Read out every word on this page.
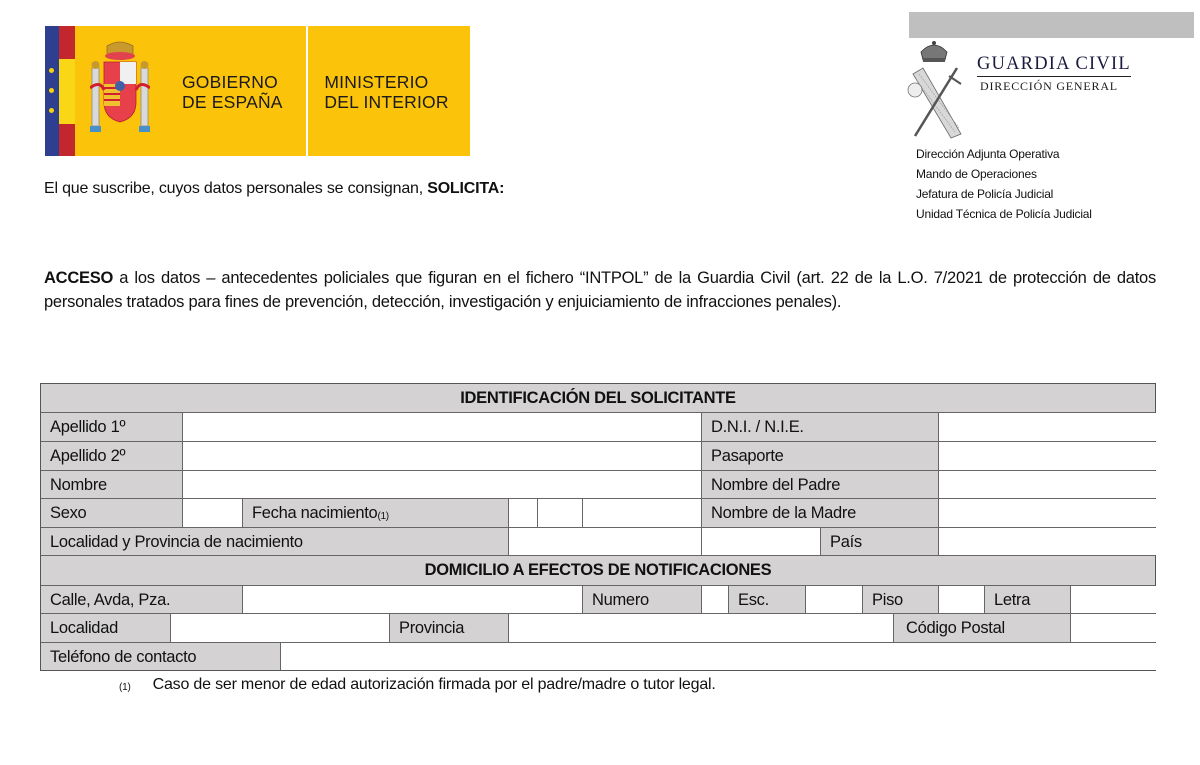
GOBIERNO
DE ESPAÑA
MINISTERIO
DEL INTERIOR
GUARDIA CIVIL
DIRECCIÓN GENERAL
Dirección Adjunta Operativa
Mando de Operaciones
Jefatura de Policía Judicial
Unidad Técnica de Policía Judicial
El que suscribe, cuyos datos personales se consignan, SOLICITA:
ACCESO a los datos – antecedentes policiales que figuran en el fichero “INTPOL” de la Guardia Civil (art. 22 de la L.O. 7/2021 de protección de datos personales tratados para fines de prevención, detección, investigación y enjuiciamiento de infracciones penales).
IDENTIFICACIÓN DEL SOLICITANTE
Apellido 1º	D.N.I. / N.I.E.
Apellido 2º	Pasaporte
Nombre	Nombre del Padre
Sexo	Fecha nacimiento$_{(1)}$	Nombre de la Madre
Localidad y Provincia de nacimiento	País
DOMICILIO A EFECTOS DE NOTIFICACIONES
Calle, Avda, Pza.	Numero	Esc.	Piso	Letra
Localidad	Provincia	Código Postal
Teléfono de contacto
(1) Caso de ser menor de edad autorización firmada por el padre/madre o tutor legal.
